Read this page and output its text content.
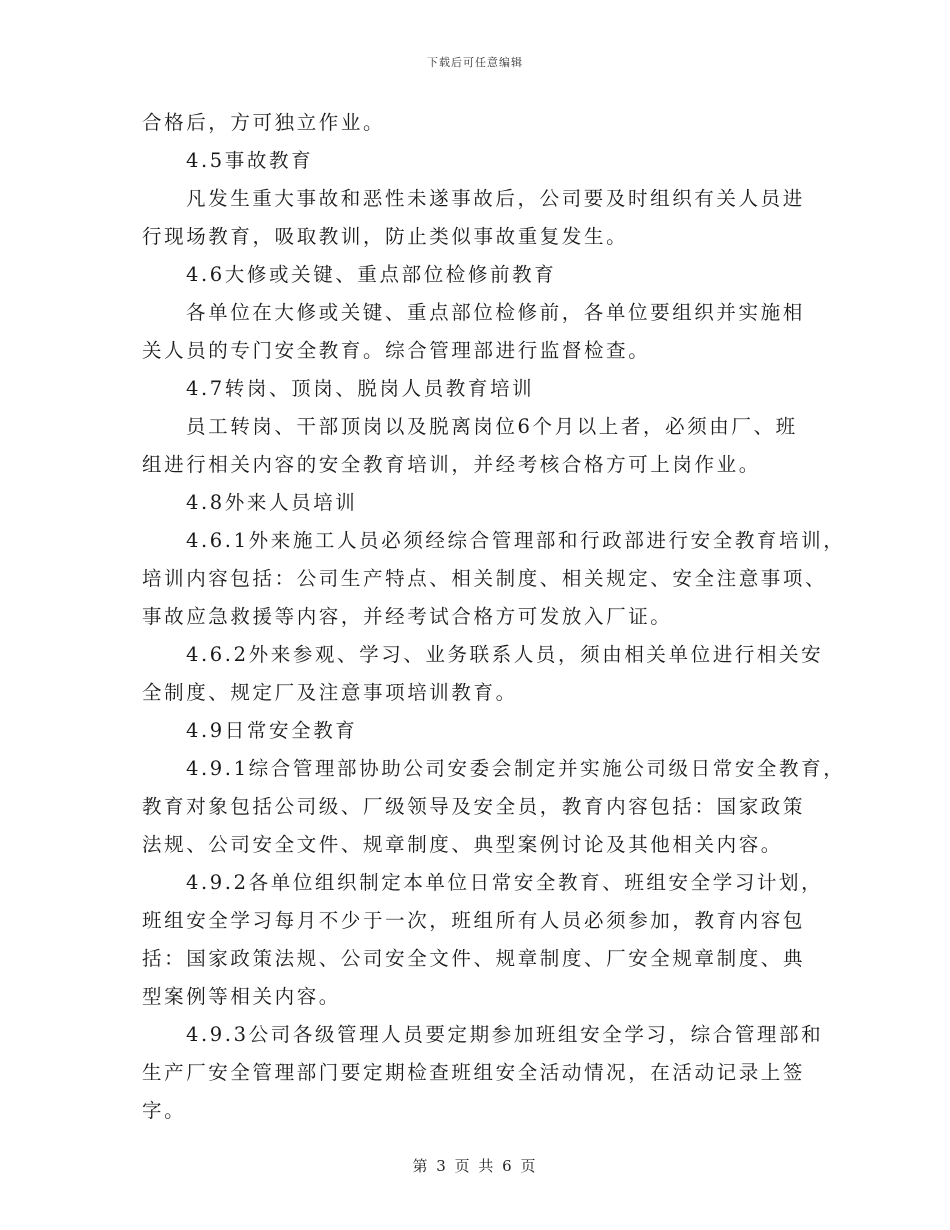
下载后可任意编辑
合格后，方可独立作业。
4.5事故教育
凡发生重大事故和恶性未遂事故后，公司要及时组织有关人员进
行现场教育，吸取教训，防止类似事故重复发生。
4.6大修或关键、重点部位检修前教育
各单位在大修或关键、重点部位检修前，各单位要组织并实施相
关人员的专门安全教育。综合管理部进行监督检查。
4.7转岗、顶岗、脱岗人员教育培训
员工转岗、干部顶岗以及脱离岗位6个月以上者，必须由厂、班
组进行相关内容的安全教育培训，并经考核合格方可上岗作业。
4.8外来人员培训
4.6.1外来施工人员必须经综合管理部和行政部进行安全教育培训，
培训内容包括：公司生产特点、相关制度、相关规定、安全注意事项、
事故应急救援等内容，并经考试合格方可发放入厂证。
4.6.2外来参观、学习、业务联系人员，须由相关单位进行相关安
全制度、规定厂及注意事项培训教育。
4.9日常安全教育
4.9.1综合管理部协助公司安委会制定并实施公司级日常安全教育，
教育对象包括公司级、厂级领导及安全员，教育内容包括：国家政策
法规、公司安全文件、规章制度、典型案例讨论及其他相关内容。
4.9.2各单位组织制定本单位日常安全教育、班组安全学习计划，
班组安全学习每月不少于一次，班组所有人员必须参加，教育内容包
括：国家政策法规、公司安全文件、规章制度、厂安全规章制度、典
型案例等相关内容。
4.9.3公司各级管理人员要定期参加班组安全学习，综合管理部和
生产厂安全管理部门要定期检查班组安全活动情况，在活动记录上签
字。
第 3 页 共 6 页
